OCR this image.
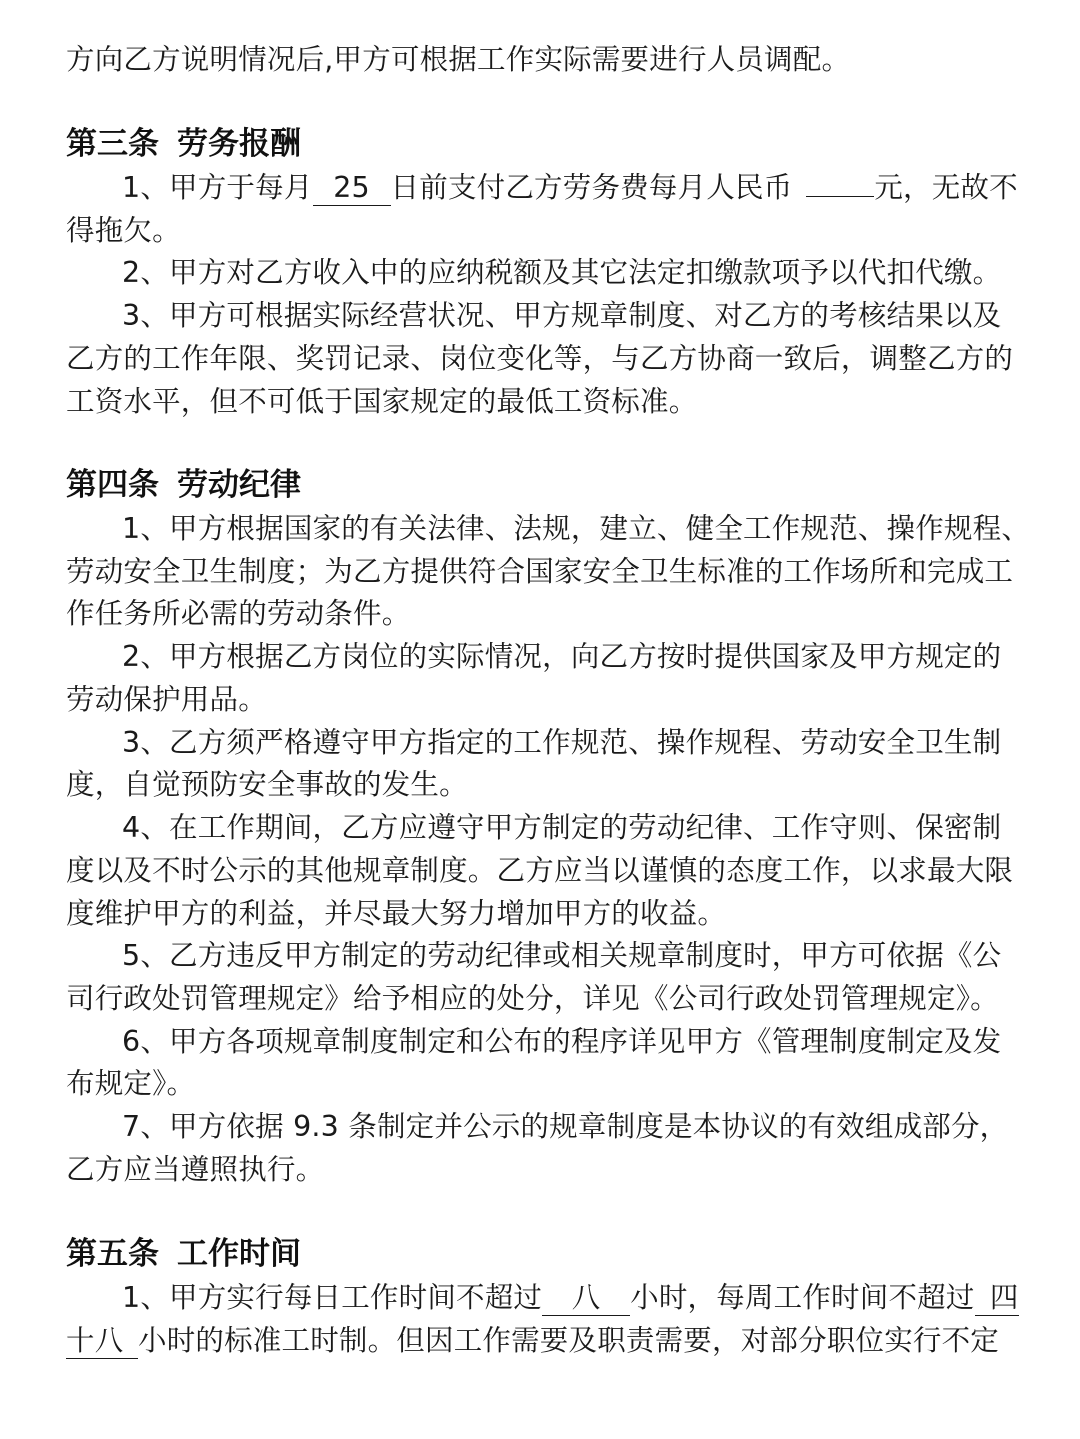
方向乙方说明情况后,甲方可根据工作实际需要进行人员调配。
第三条 劳务报酬
1、甲方于每月 25 日前支付乙方劳务费每月人民币	元，无故不
得拖欠。
2、甲方对乙方收入中的应纳税额及其它法定扣缴款项予以代扣代缴。
3、甲方可根据实际经营状况、甲方规章制度、对乙方的考核结果以及
乙方的工作年限、奖罚记录、岗位变化等，与乙方协商一致后，调整乙方的
工资水平，但不可低于国家规定的最低工资标准。
第四条 劳动纪律
1、甲方根据国家的有关法律、法规，建立、健全工作规范、操作规程、
劳动安全卫生制度；为乙方提供符合国家安全卫生标准的工作场所和完成工
作任务所必需的劳动条件。
2、甲方根据乙方岗位的实际情况，向乙方按时提供国家及甲方规定的
劳动保护用品。
3、乙方须严格遵守甲方指定的工作规范、操作规程、劳动安全卫生制
度，自觉预防安全事故的发生。
4、在工作期间，乙方应遵守甲方制定的劳动纪律、工作守则、保密制
度以及不时公示的其他规章制度。乙方应当以谨慎的态度工作，以求最大限
度维护甲方的利益，并尽最大努力增加甲方的收益。
5、乙方违反甲方制定的劳动纪律或相关规章制度时，甲方可依据《公
司行政处罚管理规定》给予相应的处分，详见《公司行政处罚管理规定》。
6、甲方各项规章制度制定和公布的程序详见甲方《管理制度制定及发
布规定》。
7、甲方依据 9.3 条制定并公示的规章制度是本协议的有效组成部分，
乙方应当遵照执行。
第五条 工作时间
1、甲方实行每日工作时间不超过 八 小时，每周工作时间不超过 四
十八 小时的标准工时制。但因工作需要及职责需要，对部分职位实行不定
